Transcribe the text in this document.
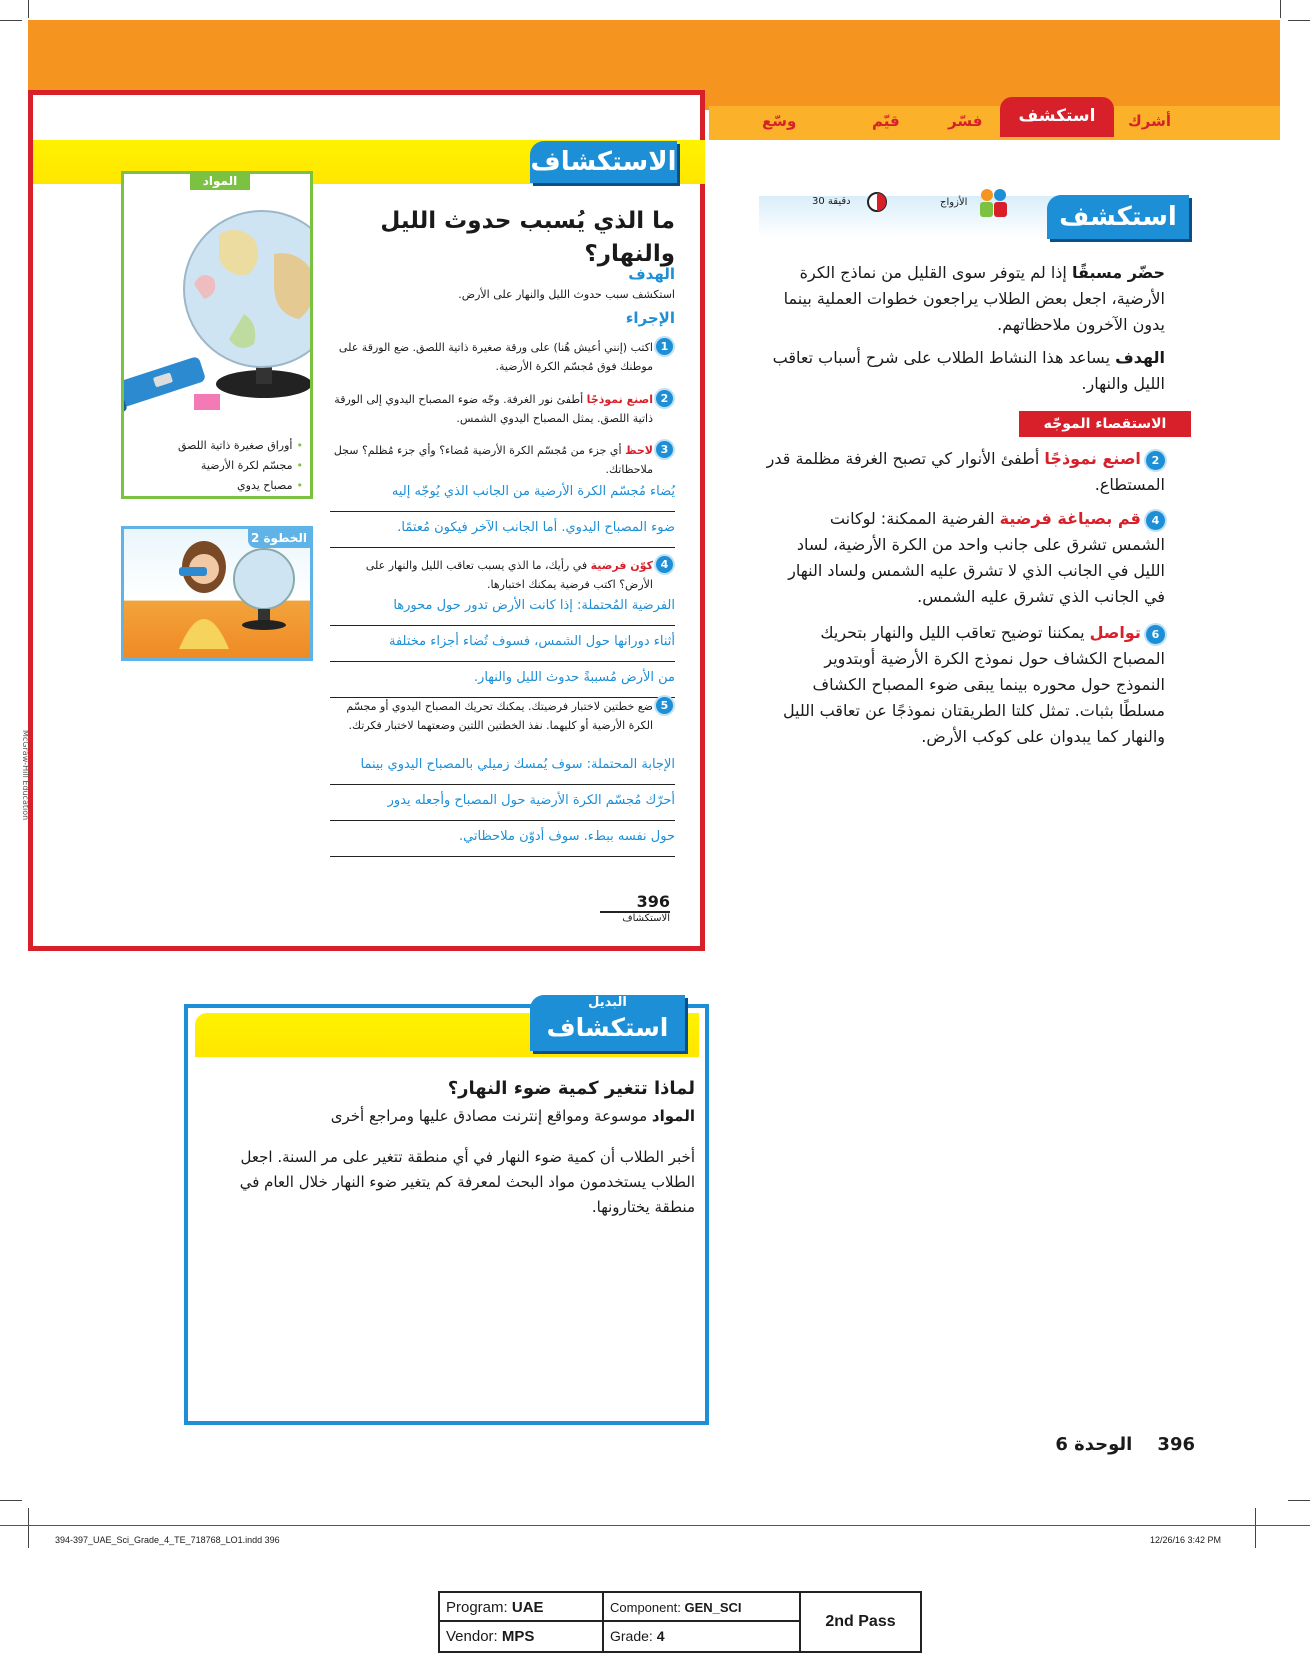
أشرك
استكشف
فسّر
قيّم
وسّع
الاستكشاف
المواد
•أوراق صغيرة ذاتية اللصق
•مجسّم لكرة الأرضية
•مصباح يدوي
الخطوة 2
ما الذي يُسبب حدوث الليل والنهار؟
الهدف
استكشف سبب حدوث الليل والنهار على الأرض.
الإجراء
اكتب (إنني أعيش هُنا) على ورقة صغيرة ذاتية اللصق. ضع الورقة على موطنك فوق مُجسّم الكرة الأرضية.
1
اصنع نموذجًا أطفئ نور الغرفة. وجّه ضوء المصباح اليدوي إلى الورقة ذاتية اللصق. يمثل المصباح اليدوي الشمس.
2
لاحظ أي جزء من مُجسّم الكرة الأرضية مُضاء؟ وأي جزء مُظلم؟ سجل ملاحظاتك.
3
يُضاء مُجسّم الكرة الأرضية من الجانب الذي يُوجّه إليه
ضوء المصباح اليدوي. أما الجانب الآخر فيكون مُعتمًا.
كوّن فرضية في رأيك، ما الذي يسبب تعاقب الليل والنهار على الأرض؟ اكتب فرضية يمكنك اختبارها.
4
الفرضية المُحتملة: إذا كانت الأرض تدور حول محورها
أثناء دورانها حول الشمس، فسوف تُضاء أجزاء مختلفة
من الأرض مُسببةً حدوث الليل والنهار.
ضع خطتين لاختبار فرضيتك. يمكنك تحريك المصباح اليدوي أو مجسّم الكرة الأرضية أو كليهما. نفذ الخطتين اللتين وضعتهما لاختبار فكرتك.
5
الإجابة المحتملة: سوف يُمسك زميلي بالمصباح اليدوي بينما
أحرّك مُجسّم الكرة الأرضية حول المصباح وأجعله يدور
حول نفسه ببطء. سوف أدوّن ملاحظاتي.
396
الاستكشاف
McGraw-Hill Education
البديل
استكشاف
لماذا تتغير كمية ضوء النهار؟
المواد موسوعة ومواقع إنترنت مصادق عليها ومراجع أخرى
أخبر الطلاب أن كمية ضوء النهار في أي منطقة تتغير على مر السنة. اجعل الطلاب يستخدمون مواد البحث لمعرفة كم يتغير ضوء النهار خلال العام في منطقة يختارونها.
استكشف
الأزواج
30 دقيقة
حضّر مسبقًا إذا لم يتوفر سوى القليل من نماذج الكرة الأرضية، اجعل بعض الطلاب يراجعون خطوات العملية بينما يدون الآخرون ملاحظاتهم.
الهدف يساعد هذا النشاط الطلاب على شرح أسباب تعاقب الليل والنهار.
الاستقصاء الموجّه
2 اصنع نموذجًا أطفئ الأنوار كي تصبح الغرفة مظلمة قدر المستطاع.
4 قم بصياغة فرضية الفرضية الممكنة: لوكانت الشمس تشرق على جانب واحد من الكرة الأرضية، لساد الليل في الجانب الذي لا تشرق عليه الشمس ولساد النهار في الجانب الذي تشرق عليه الشمس.
6 تواصل يمكننا توضيح تعاقب الليل والنهار بتحريك المصباح الكشاف حول نموذج الكرة الأرضية أوبتدوير النموذج حول محوره بينما يبقى ضوء المصباح الكشاف مسلطًا بثبات. تمثل كلتا الطريقتان نموذجًا عن تعاقب الليل والنهار كما يبدوان على كوكب الأرض.
396    الوحدة 6
394-397_UAE_Sci_Grade_4_TE_718768_LO1.indd 396	12/26/16 3:42 PM
Program: UAE	Component: GEN_SCI
Vendor: MPS	Grade: 4
2nd Pass
